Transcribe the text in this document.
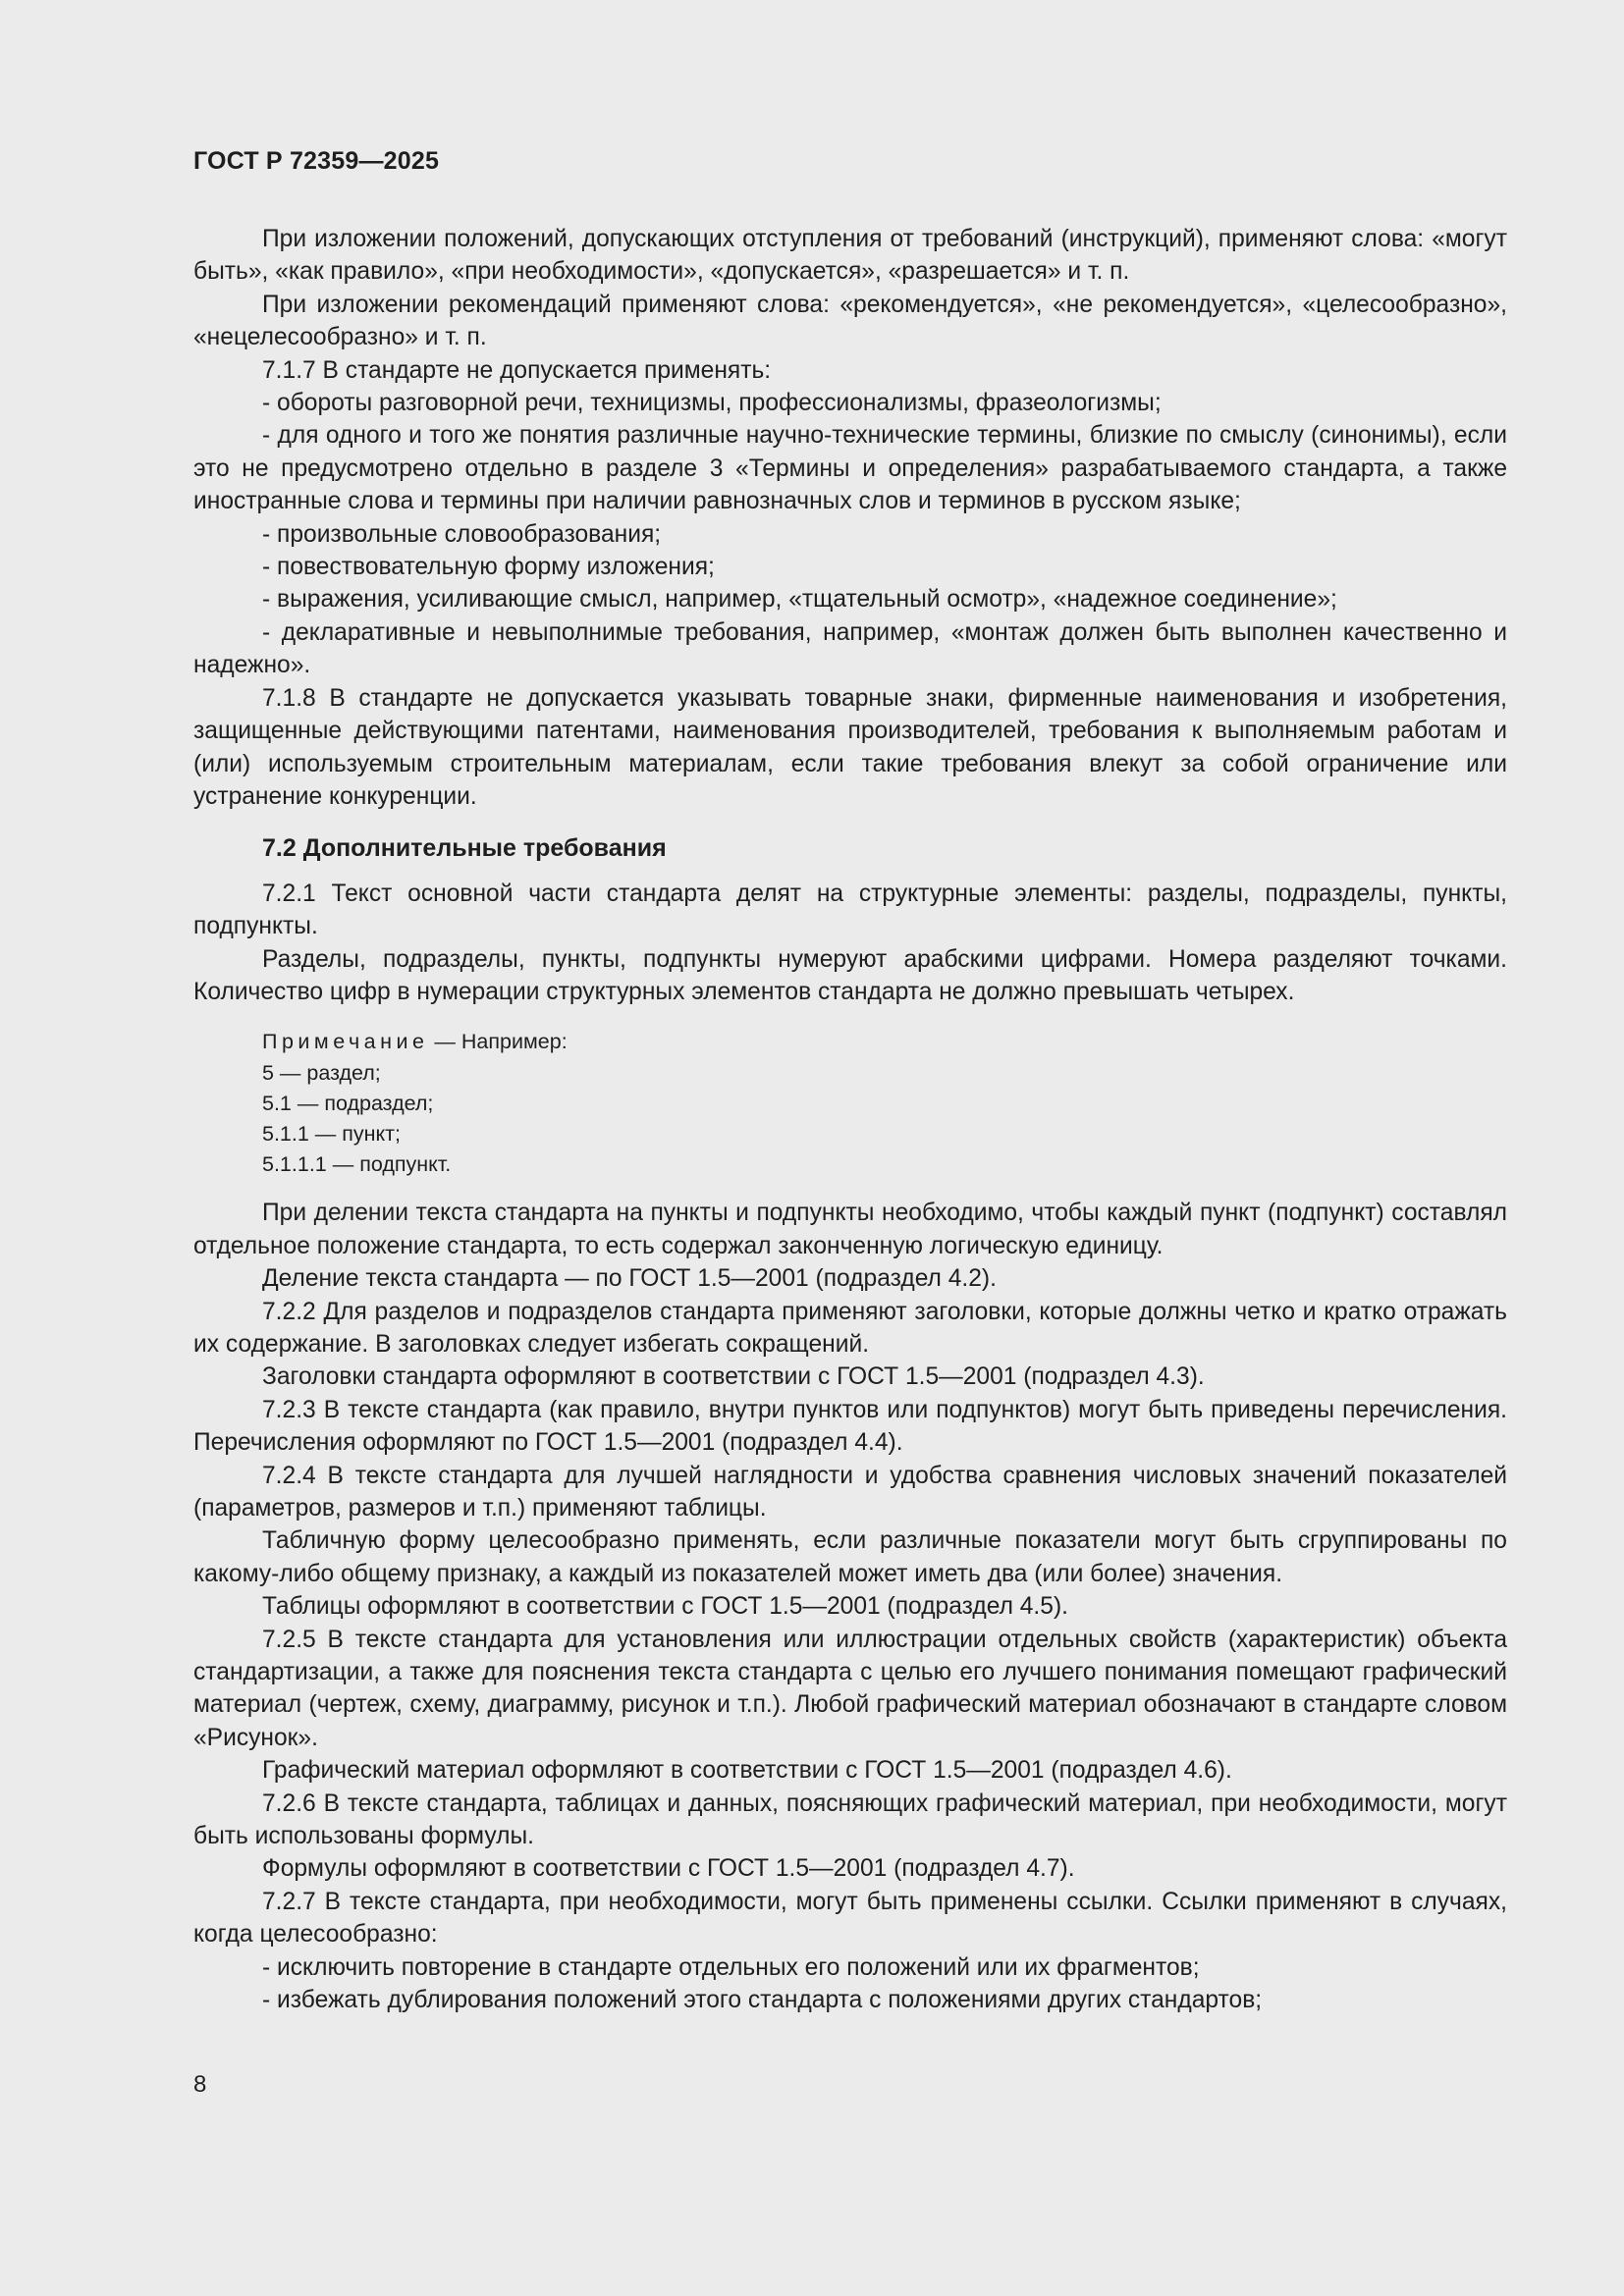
ГОСТ Р 72359—2025

При изложении положений, допускающих отступления от требований (инструкций), применяют слова: «могут быть», «как правило», «при необходимости», «допускается», «разрешается» и т. п.

При изложении рекомендаций применяют слова: «рекомендуется», «не рекомендуется», «целесообразно», «нецелесообразно» и т. п.

7.1.7 В стандарте не допускается применять:

- обороты разговорной речи, техницизмы, профессионализмы, фразеологизмы;

- для одного и того же понятия различные научно-технические термины, близкие по смыслу (синонимы), если это не предусмотрено отдельно в разделе 3 «Термины и определения» разрабатываемого стандарта, а также иностранные слова и термины при наличии равнозначных слов и терминов в русском языке;

- произвольные словообразования;

- повествовательную форму изложения;

- выражения, усиливающие смысл, например, «тщательный осмотр», «надежное соединение»;

- декларативные и невыполнимые требования, например, «монтаж должен быть выполнен качественно и надежно».

7.1.8 В стандарте не допускается указывать товарные знаки, фирменные наименования и изобретения, защищенные действующими патентами, наименования производителей, требования к выполняемым работам и (или) используемым строительным материалам, если такие требования влекут за собой ограничение или устранение конкуренции.

7.2 Дополнительные требования

7.2.1 Текст основной части стандарта делят на структурные элементы: разделы, подразделы, пункты, подпункты.

Разделы, подразделы, пункты, подпункты нумеруют арабскими цифрами. Номера разделяют точками. Количество цифр в нумерации структурных элементов стандарта не должно превышать четырех.

Примечание — Например:
5 — раздел;
5.1 — подраздел;
5.1.1 — пункт;
5.1.1.1 — подпункт.

При делении текста стандарта на пункты и подпункты необходимо, чтобы каждый пункт (подпункт) составлял отдельное положение стандарта, то есть содержал законченную логическую единицу.

Деление текста стандарта — по ГОСТ 1.5—2001 (подраздел 4.2).

7.2.2 Для разделов и подразделов стандарта применяют заголовки, которые должны четко и кратко отражать их содержание. В заголовках следует избегать сокращений.

Заголовки стандарта оформляют в соответствии с ГОСТ 1.5—2001 (подраздел 4.3).

7.2.3 В тексте стандарта (как правило, внутри пунктов или подпунктов) могут быть приведены перечисления. Перечисления оформляют по ГОСТ 1.5—2001 (подраздел 4.4).

7.2.4 В тексте стандарта для лучшей наглядности и удобства сравнения числовых значений показателей (параметров, размеров и т.п.) применяют таблицы.

Табличную форму целесообразно применять, если различные показатели могут быть сгруппированы по какому-либо общему признаку, а каждый из показателей может иметь два (или более) значения.

Таблицы оформляют в соответствии с ГОСТ 1.5—2001 (подраздел 4.5).

7.2.5 В тексте стандарта для установления или иллюстрации отдельных свойств (характеристик) объекта стандартизации, а также для пояснения текста стандарта с целью его лучшего понимания помещают графический материал (чертеж, схему, диаграмму, рисунок и т.п.). Любой графический материал обозначают в стандарте словом «Рисунок».

Графический материал оформляют в соответствии с ГОСТ 1.5—2001 (подраздел 4.6).

7.2.6 В тексте стандарта, таблицах и данных, поясняющих графический материал, при необходимости, могут быть использованы формулы.

Формулы оформляют в соответствии с ГОСТ 1.5—2001 (подраздел 4.7).

7.2.7 В тексте стандарта, при необходимости, могут быть применены ссылки. Ссылки применяют в случаях, когда целесообразно:

- исключить повторение в стандарте отдельных его положений или их фрагментов;

- избежать дублирования положений этого стандарта с положениями других стандартов;

8
